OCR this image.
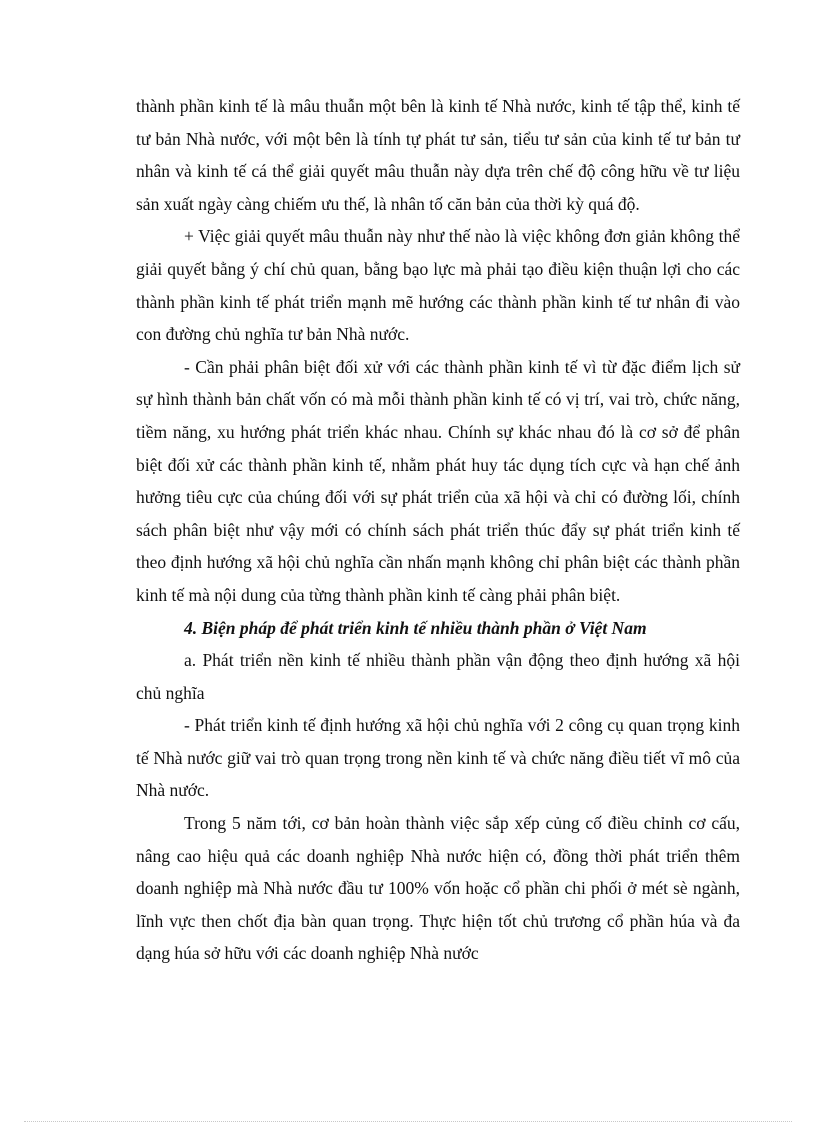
thành phần kinh tế là mâu thuẫn một bên là kinh tế Nhà nước, kinh tế tập thể, kinh tế tư bản Nhà nước, với một bên là tính tự phát tư sản, tiểu tư sản của kinh tế tư bản tư nhân và kinh tế cá thể giải quyết mâu thuẫn này dựa trên chế độ công hữu về tư liệu sản xuất ngày càng chiếm ưu thế, là nhân tố căn bản của thời kỳ quá độ.

+ Việc giải quyết mâu thuẫn này như thế nào là việc không đơn giản không thể giải quyết bằng ý chí chủ quan, bằng bạo lực mà phải tạo điều kiện thuận lợi cho các thành phần kinh tế phát triển mạnh mẽ hướng các thành phần kinh tế tư nhân đi vào con đường chủ nghĩa tư bản Nhà nước.

- Cần phải phân biệt đối xử với các thành phần kinh tế vì từ đặc điểm lịch sử sự hình thành bản chất vốn có mà mỗi thành phần kinh tế có vị trí, vai trò, chức năng, tiềm năng, xu hướng phát triển khác nhau. Chính sự khác nhau đó là cơ sở để phân biệt đối xử các thành phần kinh tế, nhằm phát huy tác dụng tích cực và hạn chế ảnh hưởng tiêu cực của chúng đối với sự phát triển của xã hội và chỉ có đường lối, chính sách phân biệt như vậy mới có chính sách phát triển thúc đẩy sự phát triển kinh tế theo định hướng xã hội chủ nghĩa cần nhấn mạnh không chỉ phân biệt các thành phần kinh tế mà nội dung của từng thành phần kinh tế càng phải phân biệt.

4. Biện pháp để phát triển kinh tế nhiều thành phần ở Việt Nam

a. Phát triển nền kinh tế nhiều thành phần vận động theo định hướng xã hội chủ nghĩa

- Phát triển kinh tế định hướng xã hội chủ nghĩa với 2 công cụ quan trọng kinh tế Nhà nước giữ vai trò quan trọng trong nền kinh tế và chức năng điều tiết vĩ mô của Nhà nước.

Trong 5 năm tới, cơ bản hoàn thành việc sắp xếp củng cố điều chỉnh cơ cấu, nâng cao hiệu quả các doanh nghiệp Nhà nước hiện có, đồng thời phát triển thêm doanh nghiệp mà Nhà nước đầu tư 100% vốn hoặc cổ phần chi phối ở mét sè ngành, lĩnh vực then chốt địa bàn quan trọng. Thực hiện tốt chủ trương cổ phần húa và đa dạng húa sở hữu với các doanh nghiệp Nhà nước
